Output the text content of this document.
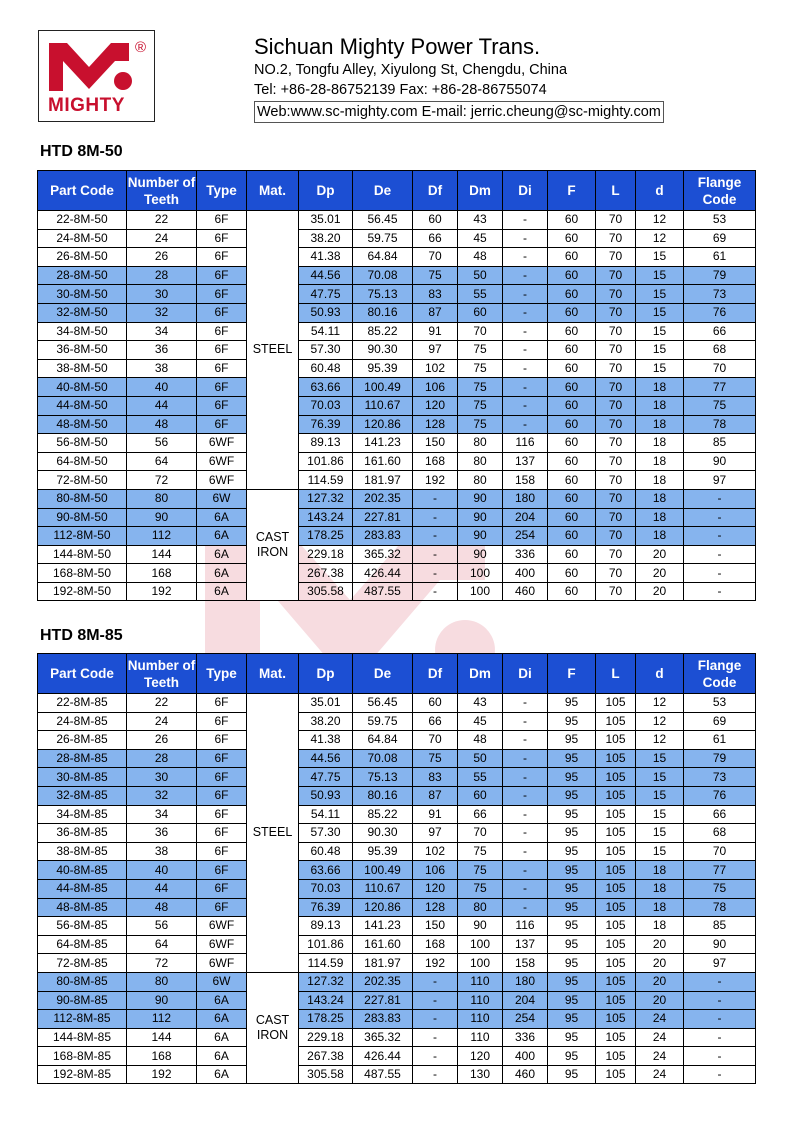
®
MIGHTY
Sichuan Mighty Power Trans.
NO.2, Tongfu Alley, Xiyulong St, Chengdu, China
Tel: +86-28-86752139 Fax: +86-28-86755074
Web:www.sc-mighty.com E-mail: jerric.cheung@sc-mighty.com
HTD 8M-50
Part Code	Number of Teeth	Type	Mat.	Dp	De	Df	Dm	Di	F	L	d	Flange Code
22-8M-50	22	6F	STEEL	35.01	56.45	60	43	-	60	70	12	53
24-8M-50	24	6F		38.20	59.75	66	45	-	60	70	12	69
26-8M-50	26	6F		41.38	64.84	70	48	-	60	70	15	61
28-8M-50	28	6F		44.56	70.08	75	50	-	60	70	15	79
30-8M-50	30	6F		47.75	75.13	83	55	-	60	70	15	73
32-8M-50	32	6F		50.93	80.16	87	60	-	60	70	15	76
34-8M-50	34	6F		54.11	85.22	91	70	-	60	70	15	66
36-8M-50	36	6F		57.30	90.30	97	75	-	60	70	15	68
38-8M-50	38	6F		60.48	95.39	102	75	-	60	70	15	70
40-8M-50	40	6F		63.66	100.49	106	75	-	60	70	18	77
44-8M-50	44	6F		70.03	110.67	120	75	-	60	70	18	75
48-8M-50	48	6F		76.39	120.86	128	75	-	60	70	18	78
56-8M-50	56	6WF		89.13	141.23	150	80	116	60	70	18	85
64-8M-50	64	6WF		101.86	161.60	168	80	137	60	70	18	90
72-8M-50	72	6WF		114.59	181.97	192	80	158	60	70	18	97
80-8M-50	80	6W	CAST IRON	127.32	202.35	-	90	180	60	70	18	-
90-8M-50	90	6A		143.24	227.81	-	90	204	60	70	18	-
112-8M-50	112	6A		178.25	283.83	-	90	254	60	70	18	-
144-8M-50	144	6A		229.18	365.32	-	90	336	60	70	20	-
168-8M-50	168	6A		267.38	426.44	-	100	400	60	70	20	-
192-8M-50	192	6A		305.58	487.55	-	100	460	60	70	20	-
HTD 8M-85
Part Code	Number of Teeth	Type	Mat.	Dp	De	Df	Dm	Di	F	L	d	Flange Code
22-8M-85	22	6F	STEEL	35.01	56.45	60	43	-	95	105	12	53
24-8M-85	24	6F		38.20	59.75	66	45	-	95	105	12	69
26-8M-85	26	6F		41.38	64.84	70	48	-	95	105	12	61
28-8M-85	28	6F		44.56	70.08	75	50	-	95	105	15	79
30-8M-85	30	6F		47.75	75.13	83	55	-	95	105	15	73
32-8M-85	32	6F		50.93	80.16	87	60	-	95	105	15	76
34-8M-85	34	6F		54.11	85.22	91	66	-	95	105	15	66
36-8M-85	36	6F		57.30	90.30	97	70	-	95	105	15	68
38-8M-85	38	6F		60.48	95.39	102	75	-	95	105	15	70
40-8M-85	40	6F		63.66	100.49	106	75	-	95	105	18	77
44-8M-85	44	6F		70.03	110.67	120	75	-	95	105	18	75
48-8M-85	48	6F		76.39	120.86	128	80	-	95	105	18	78
56-8M-85	56	6WF		89.13	141.23	150	90	116	95	105	18	85
64-8M-85	64	6WF		101.86	161.60	168	100	137	95	105	20	90
72-8M-85	72	6WF		114.59	181.97	192	100	158	95	105	20	97
80-8M-85	80	6W	CAST IRON	127.32	202.35	-	110	180	95	105	20	-
90-8M-85	90	6A		143.24	227.81	-	110	204	95	105	20	-
112-8M-85	112	6A		178.25	283.83	-	110	254	95	105	24	-
144-8M-85	144	6A		229.18	365.32	-	110	336	95	105	24	-
168-8M-85	168	6A		267.38	426.44	-	120	400	95	105	24	-
192-8M-85	192	6A		305.58	487.55	-	130	460	95	105	24	-
